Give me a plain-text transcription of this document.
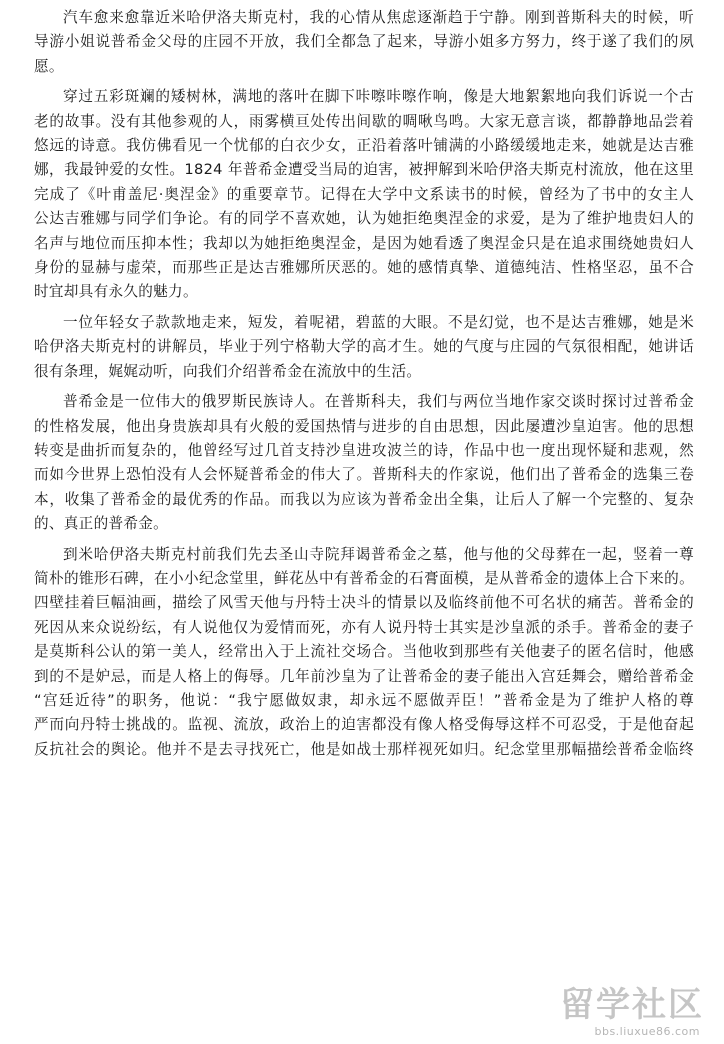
汽车愈来愈靠近米哈伊洛夫斯克村，我的心情从焦虑逐渐趋于宁静。刚到普斯科夫的时候，听
导游小姐说普希金父母的庄园不开放，我们全都急了起来，导游小姐多方努力，终于遂了我们的夙
愿。

穿过五彩斑斓的矮树林，满地的落叶在脚下咔嚓咔嚓作响，像是大地絮絮地向我们诉说一个古
老的故事。没有其他参观的人，雨雾横亘处传出间歇的啁啾鸟鸣。大家无意言谈，都静静地品尝着
悠远的诗意。我仿佛看见一个忧郁的白衣少女，正沿着落叶铺满的小路缓缓地走来，她就是达吉雅
娜，我最钟爱的女性。1824 年普希金遭受当局的迫害，被押解到米哈伊洛夫斯克村流放，他在这里
完成了《叶甫盖尼·奥涅金》的重要章节。记得在大学中文系读书的时候，曾经为了书中的女主人
公达吉雅娜与同学们争论。有的同学不喜欢她，认为她拒绝奥涅金的求爱，是为了维护地贵妇人的
名声与地位而压抑本性；我却以为她拒绝奥涅金，是因为她看透了奥涅金只是在追求围绕她贵妇人
身份的显赫与虚荣，而那些正是达吉雅娜所厌恶的。她的感情真挚、道德纯洁、性格坚忍，虽不合
时宜却具有永久的魅力。

一位年轻女子款款地走来，短发，着呢裙，碧蓝的大眼。不是幻觉，也不是达吉雅娜，她是米
哈伊洛夫斯克村的讲解员，毕业于列宁格勒大学的高才生。她的气度与庄园的气氛很相配，她讲话
很有条理，娓娓动听，向我们介绍普希金在流放中的生活。

普希金是一位伟大的俄罗斯民族诗人。在普斯科夫，我们与两位当地作家交谈时探讨过普希金
的性格发展，他出身贵族却具有火般的爱国热情与进步的自由思想，因此屡遭沙皇迫害。他的思想
转变是曲折而复杂的，他曾经写过几首支持沙皇进攻波兰的诗，作品中也一度出现怀疑和悲观，然
而如今世界上恐怕没有人会怀疑普希金的伟大了。普斯科夫的作家说，他们出了普希金的选集三卷
本，收集了普希金的最优秀的作品。而我以为应该为普希金出全集，让后人了解一个完整的、复杂
的、真正的普希金。

到米哈伊洛夫斯克村前我们先去圣山寺院拜谒普希金之墓，他与他的父母葬在一起，竖着一尊
简朴的锥形石碑，在小小纪念堂里，鲜花丛中有普希金的石膏面模，是从普希金的遗体上合下来的。
四壁挂着巨幅油画，描绘了风雪天他与丹特士决斗的情景以及临终前他不可名状的痛苦。普希金的
死因从来众说纷纭，有人说他仅为爱情而死，亦有人说丹特士其实是沙皇派的杀手。普希金的妻子
是莫斯科公认的第一美人，经常出入于上流社交场合。当他收到那些有关他妻子的匿名信时，他感
到的不是妒忌，而是人格上的侮辱。几年前沙皇为了让普希金的妻子能出入宫廷舞会，赠给普希金
“宫廷近待”的职务，他说：“我宁愿做奴隶，却永远不愿做弄臣！”普希金是为了维护人格的尊
严而向丹特士挑战的。监视、流放，政治上的迫害都没有像人格受侮辱这样不可忍受，于是他奋起
反抗社会的舆论。他并不是去寻找死亡，他是如战士那样视死如归。纪念堂里那幅描绘普希金临终

留学社区
bbs.liuxue86.com
